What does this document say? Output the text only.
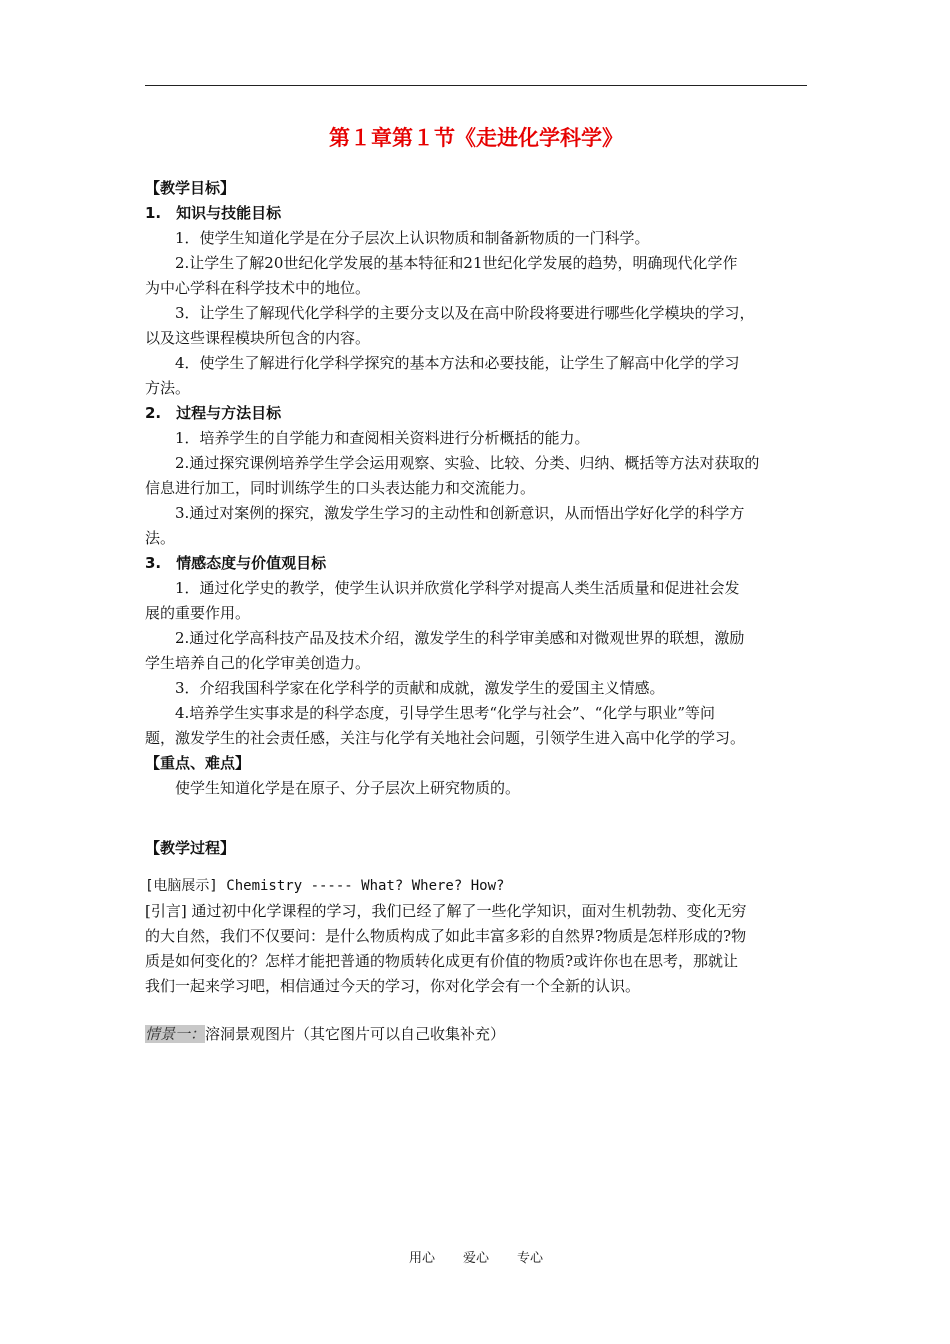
第１章第１节《走进化学科学》
【教学目标】
1.　知识与技能目标
1．使学生知道化学是在分子层次上认识物质和制备新物质的一门科学。
2.让学生了解20世纪化学发展的基本特征和21世纪化学发展的趋势，明确现代化学作
为中心学科在科学技术中的地位。
3．让学生了解现代化学科学的主要分支以及在高中阶段将要进行哪些化学模块的学习，
以及这些课程模块所包含的内容。
4．使学生了解进行化学科学探究的基本方法和必要技能，让学生了解高中化学的学习
方法。
2.　过程与方法目标
1．培养学生的自学能力和查阅相关资料进行分析概括的能力。
2.通过探究课例培养学生学会运用观察、实验、比较、分类、归纳、概括等方法对获取的
信息进行加工，同时训练学生的口头表达能力和交流能力。
3.通过对案例的探究，激发学生学习的主动性和创新意识，从而悟出学好化学的科学方
法。
3.　情感态度与价值观目标
1．通过化学史的教学，使学生认识并欣赏化学科学对提高人类生活质量和促进社会发
展的重要作用。
2.通过化学高科技产品及技术介绍，激发学生的科学审美感和对微观世界的联想，激励
学生培养自己的化学审美创造力。
3．介绍我国科学家在化学科学的贡献和成就，激发学生的爱国主义情感。
4.培养学生实事求是的科学态度，引导学生思考“化学与社会”、“化学与职业”等问
题，激发学生的社会责任感，关注与化学有关地社会问题，引领学生进入高中化学的学习。
【重点、难点】
使学生知道化学是在原子、分子层次上研究物质的。
【教学过程】
[电脑展示] Chemistry ----- What? Where? How?
[引言] 通过初中化学课程的学习，我们已经了解了一些化学知识，面对生机勃勃、变化无穷
的大自然，我们不仅要问：是什么物质构成了如此丰富多彩的自然界?物质是怎样形成的?物
质是如何变化的？怎样才能把普通的物质转化成更有价值的物质?或许你也在思考，那就让
我们一起来学习吧，相信通过今天的学习，你对化学会有一个全新的认识。
情景一：溶洞景观图片（其它图片可以自己收集补充）
用心 爱心 专心
